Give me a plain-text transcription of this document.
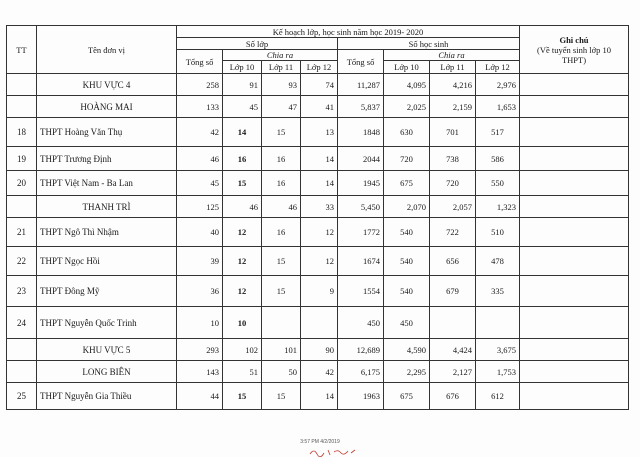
TT	Tên đơn vị	Kế hoạch lớp, học sinh năm học 2019- 2020								Ghi chú
(Về tuyển sinh lớp 10
THPT)
		Số lớp				Số học sinh				
		Tổng số	Chia ra			Tổng số	Chia ra			
			Lớp 10	Lớp 11	Lớp 12		Lớp 10	Lớp 11	Lớp 12	
	KHU VỰC 4	258	91	93	74	11,287	4,095	4,216	2,976	
	HOÀNG MAI	133	45	47	41	5,837	2,025	2,159	1,653	
18	THPT Hoàng Văn Thụ	42	14	15	13	1848	630	701	517	
19	THPT Trương Định	46	16	16	14	2044	720	738	586	
20	THPT Việt Nam - Ba Lan	45	15	16	14	1945	675	720	550	
	THANH TRÌ	125	46	46	33	5,450	2,070	2,057	1,323	
21	THPT Ngô Thì Nhậm	40	12	16	12	1772	540	722	510	
22	THPT Ngọc Hồi	39	12	15	12	1674	540	656	478	
23	THPT Đông Mỹ	36	12	15	9	1554	540	679	335	
24	THPT Nguyễn Quốc Trinh	10	10			450	450			
	KHU VỰC 5	293	102	101	90	12,689	4,590	4,424	3,675	
	LONG BIÊN	143	51	50	42	6,175	2,295	2,127	1,753	
25	THPT Nguyễn Gia Thiều	44	15	15	14	1963	675	676	612	
3:57 PM 4/2/2019
